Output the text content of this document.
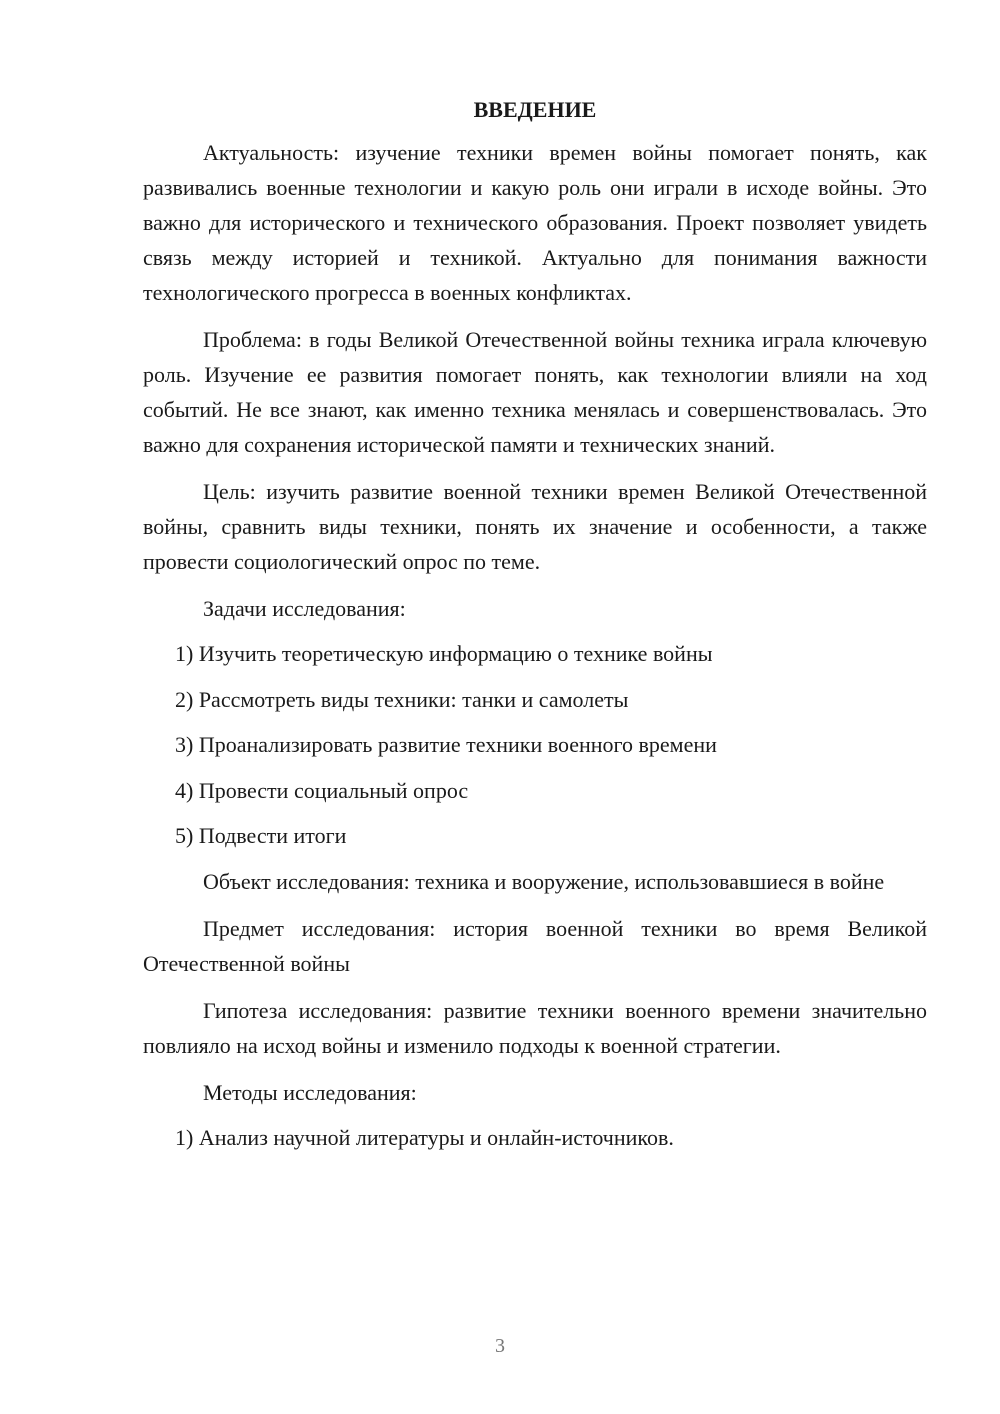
ВВЕДЕНИЕ

Актуальность: изучение техники времен войны помогает понять, как развивались военные технологии и какую роль они играли в исходе войны. Это важно для исторического и технического образования. Проект позволяет увидеть связь между историей и техникой. Актуально для понимания важности технологического прогресса в военных конфликтах.

Проблема: в годы Великой Отечественной войны техника играла ключевую роль. Изучение ее развития помогает понять, как технологии влияли на ход событий. Не все знают, как именно техника менялась и совершенствовалась. Это важно для сохранения исторической памяти и технических знаний.

Цель: изучить развитие военной техники времен Великой Отечественной войны, сравнить виды техники, понять их значение и особенности, а также провести социологический опрос по теме.

Задачи исследования:
1) Изучить теоретическую информацию о технике войны
2) Рассмотреть виды техники: танки и самолеты
3) Проанализировать развитие техники военного времени
4) Провести социальный опрос
5) Подвести итоги

Объект исследования: техника и вооружение, использовавшиеся в войне

Предмет исследования: история военной техники во время Великой Отечественной войны

Гипотеза исследования: развитие техники военного времени значительно повлияло на исход войны и изменило подходы к военной стратегии.

Методы исследования:
1) Анализ научной литературы и онлайн-источников.
3
